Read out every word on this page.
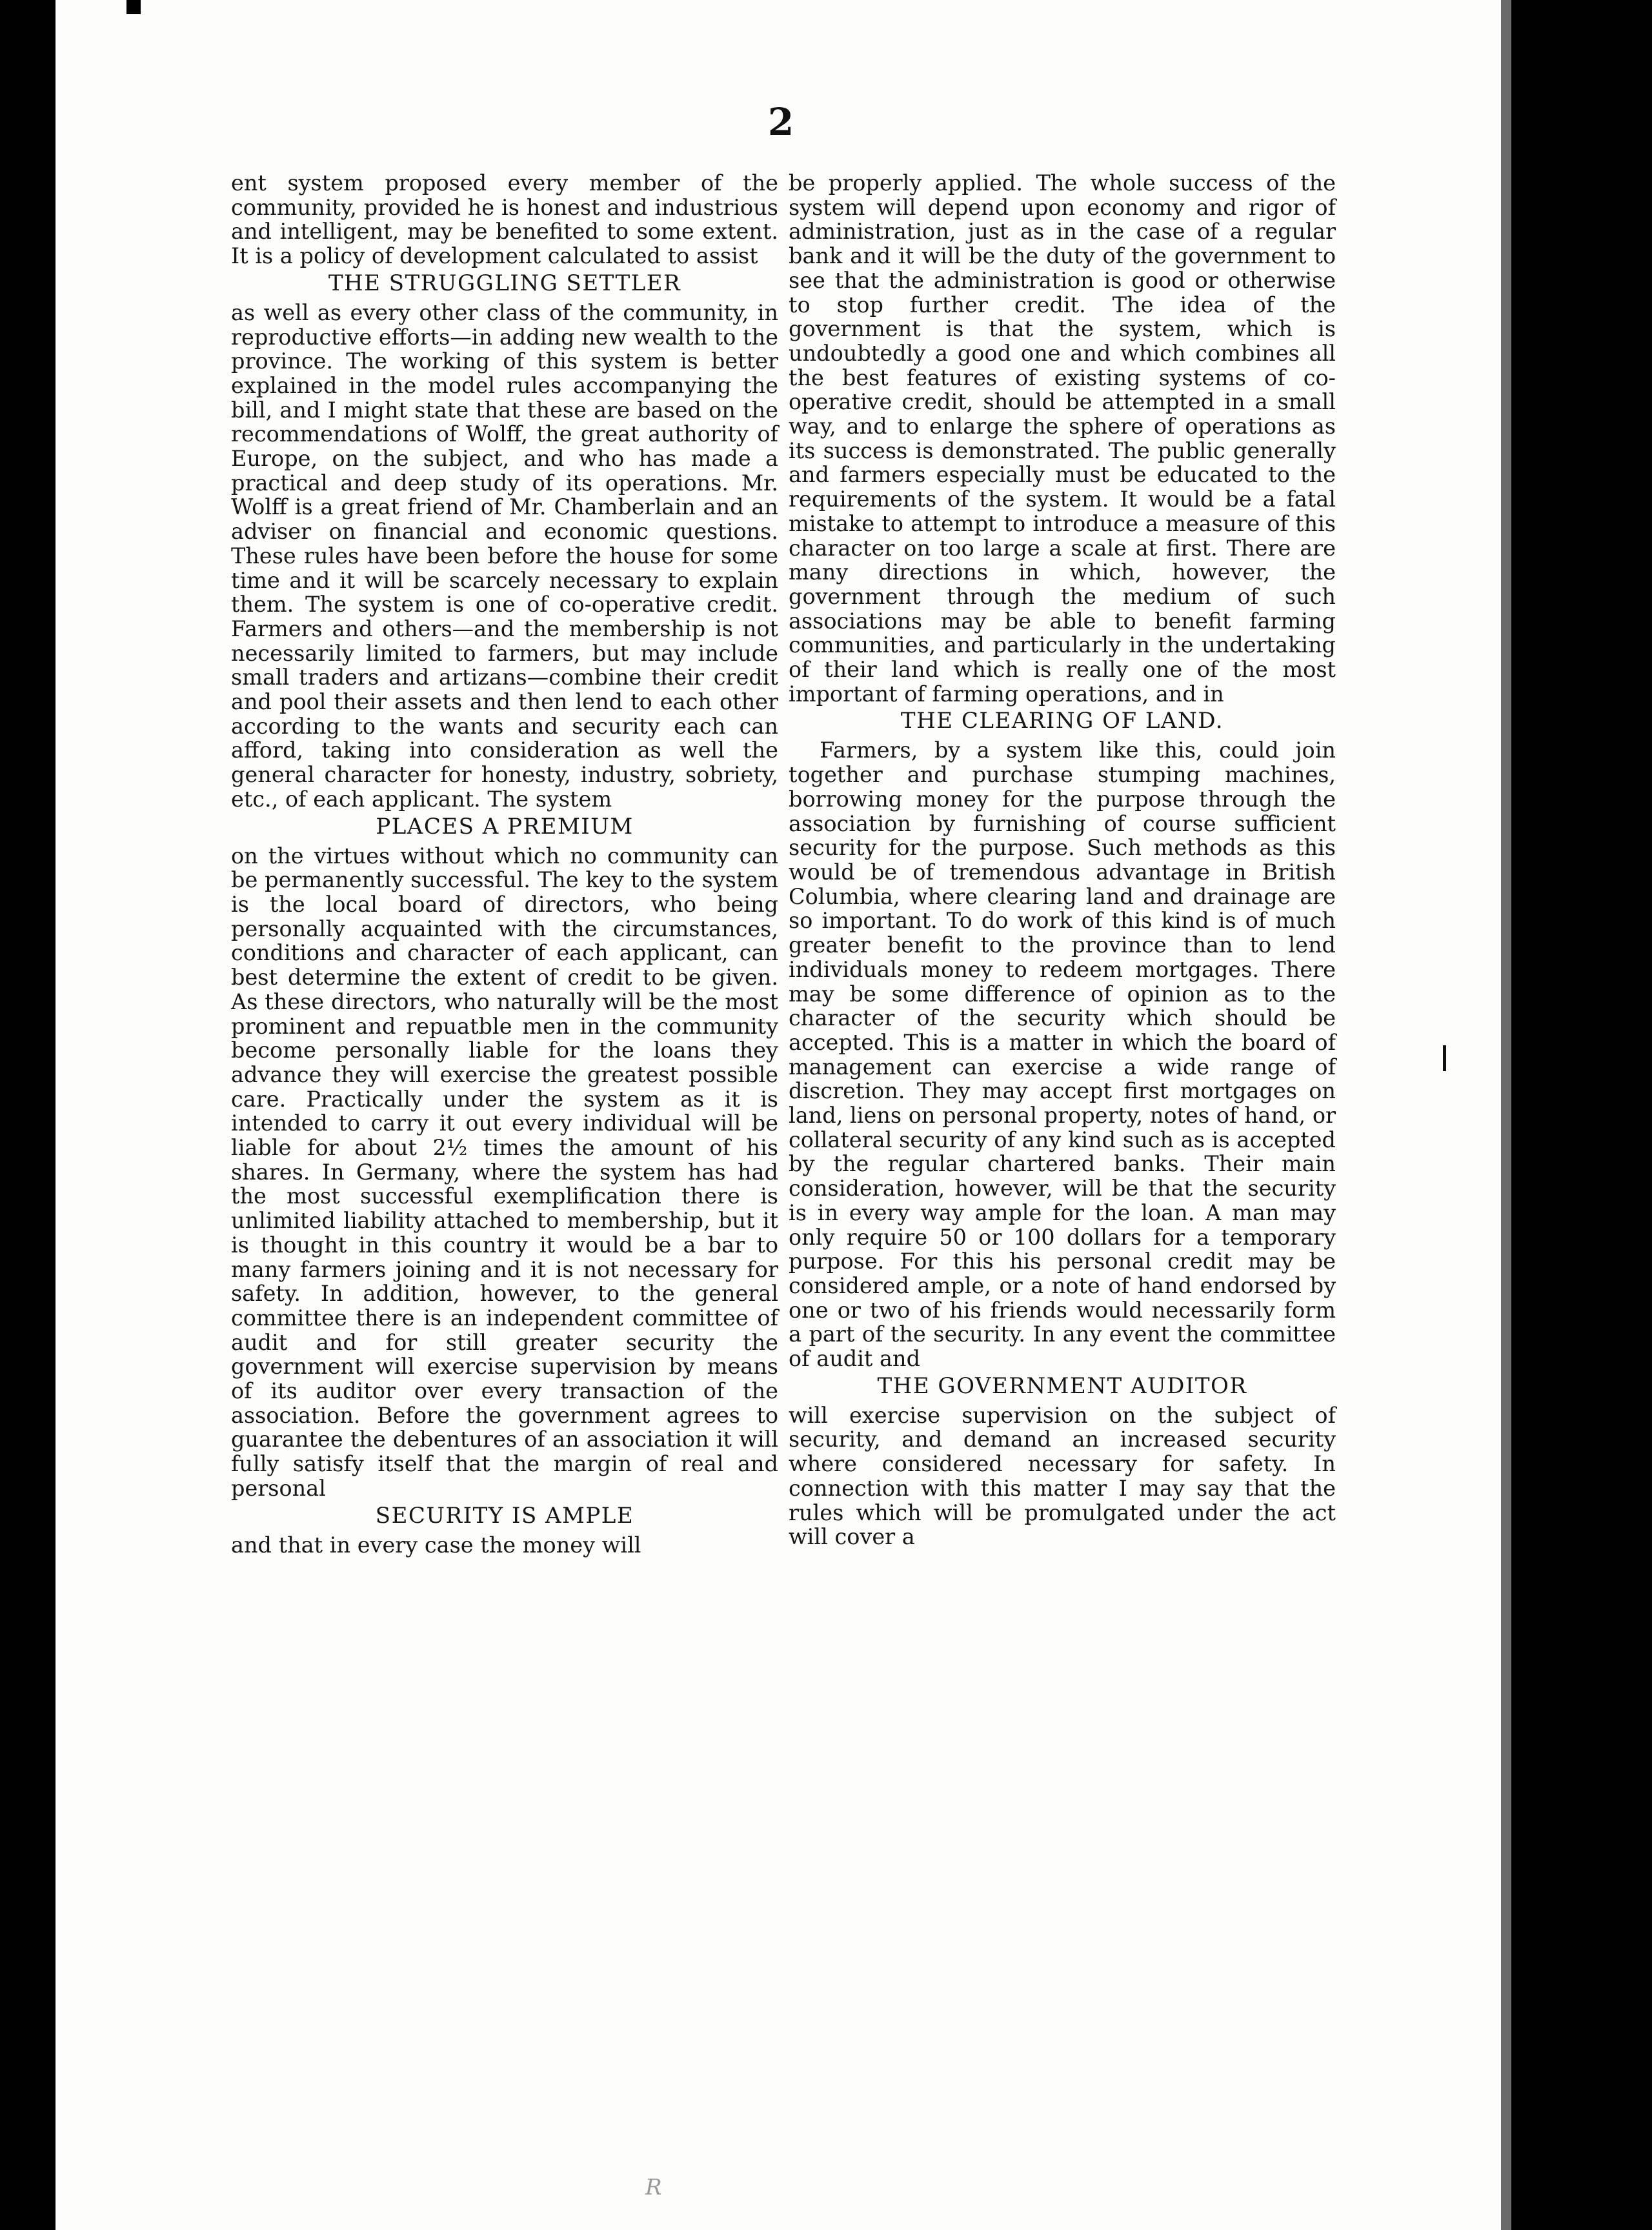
2

ent system proposed every member of the community, provided he is honest and industrious and intelligent, may be benefited to some extent. It is a policy of development calculated to assist

THE STRUGGLING SETTLER

as well as every other class of the community, in reproductive efforts—in adding new wealth to the province. The working of this system is better explained in the model rules accompanying the bill, and I might state that these are based on the recommendations of Wolff, the great authority of Europe, on the subject, and who has made a practical and deep study of its operations. Mr. Wolff is a great friend of Mr. Chamberlain and an adviser on financial and economic questions. These rules have been before the house for some time and it will be scarcely necessary to explain them. The system is one of co-operative credit. Farmers and others—and the membership is not necessarily limited to farmers, but may include small traders and artizans—combine their credit and pool their assets and then lend to each other according to the wants and security each can afford, taking into consideration as well the general character for honesty, industry, sobriety, etc., of each applicant. The system

PLACES A PREMIUM

on the virtues without which no community can be permanently successful. The key to the system is the local board of directors, who being personally acquainted with the circumstances, conditions and character of each applicant, can best determine the extent of credit to be given. As these directors, who naturally will be the most prominent and repuatble men in the community become personally liable for the loans they advance they will exercise the greatest possible care. Practically under the system as it is intended to carry it out every individual will be liable for about 2½ times the amount of his shares. In Germany, where the system has had the most successful exemplification there is unlimited liability attached to membership, but it is thought in this country it would be a bar to many farmers joining and it is not necessary for safety. In addition, however, to the general committee there is an independent committee of audit and for still greater security the government will exercise supervision by means of its auditor over every transaction of the association. Before the government agrees to guarantee the debentures of an association it will fully satisfy itself that the margin of real and personal

SECURITY IS AMPLE

and that in every case the money will

be properly applied. The whole success of the system will depend upon economy and rigor of administration, just as in the case of a regular bank and it will be the duty of the government to see that the administration is good or otherwise to stop further credit. The idea of the government is that the system, which is undoubtedly a good one and which combines all the best features of existing systems of co-operative credit, should be attempted in a small way, and to enlarge the sphere of operations as its success is demonstrated. The public generally and farmers especially must be educated to the requirements of the system. It would be a fatal mistake to attempt to introduce a measure of this character on too large a scale at first. There are many directions in which, however, the government through the medium of such associations may be able to benefit farming communities, and particularly in the undertaking of their land which is really one of the most important of farming operations, and in

THE CLEARING OF LAND.

Farmers, by a system like this, could join together and purchase stumping machines, borrowing money for the purpose through the association by furnishing of course sufficient security for the purpose. Such methods as this would be of tremendous advantage in British Columbia, where clearing land and drainage are so important. To do work of this kind is of much greater benefit to the province than to lend individuals money to redeem mortgages. There may be some difference of opinion as to the character of the security which should be accepted. This is a matter in which the board of management can exercise a wide range of discretion. They may accept first mortgages on land, liens on personal property, notes of hand, or collateral security of any kind such as is accepted by the regular chartered banks. Their main consideration, however, will be that the security is in every way ample for the loan. A man may only require 50 or 100 dollars for a temporary purpose. For this his personal credit may be considered ample, or a note of hand endorsed by one or two of his friends would necessarily form a part of the security. In any event the committee of audit and

THE GOVERNMENT AUDITOR

will exercise supervision on the subject of security, and demand an increased security where considered necessary for safety. In connection with this matter I may say that the rules which will be promulgated under the act will cover a

R
